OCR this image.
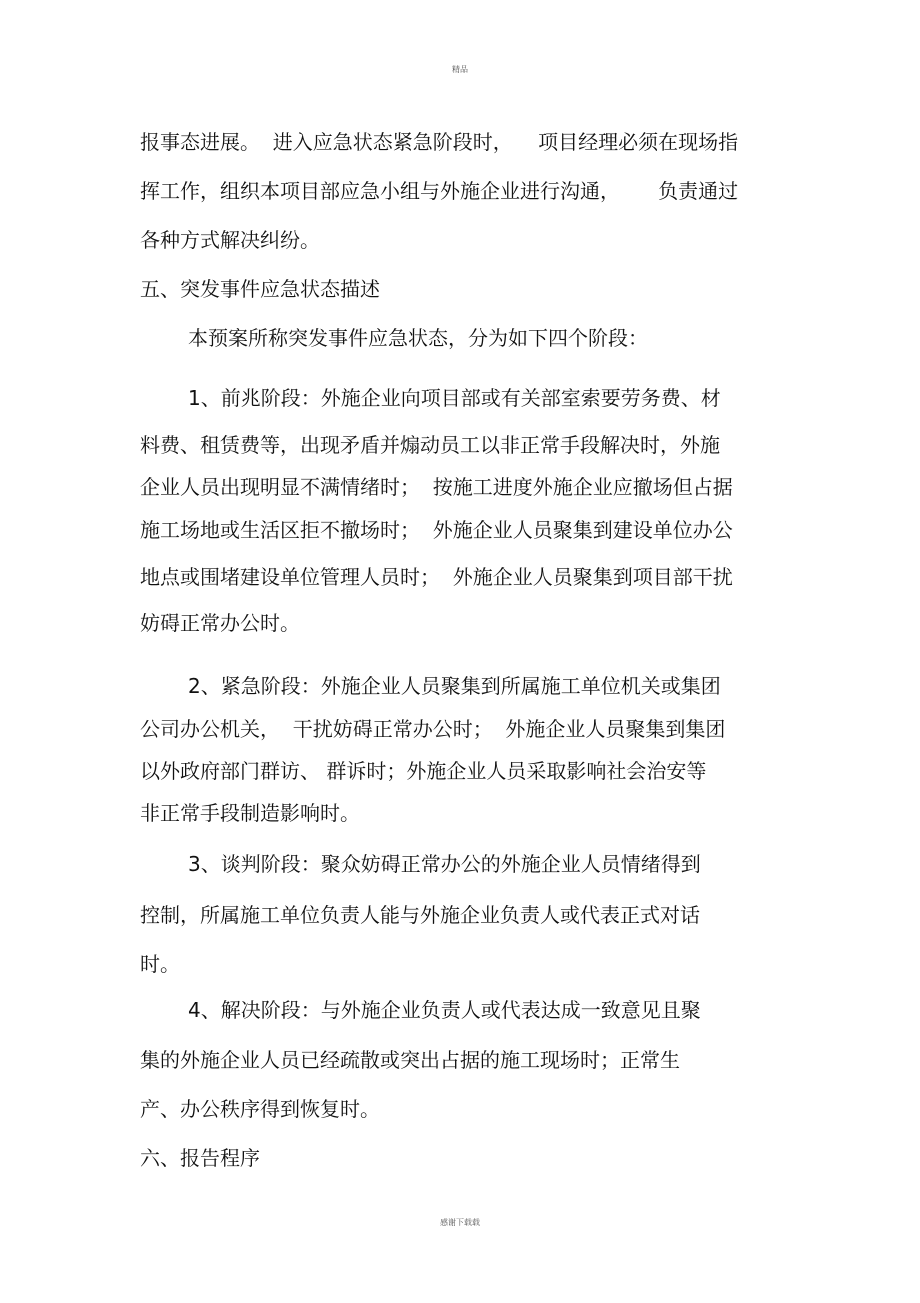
精品
报事态进展。  进入应急状态紧急阶段时，    项目经理必须在现场指
挥工作，组织本项目部应急小组与外施企业进行沟通，      负责通过
各种方式解决纠纷。
五、突发事件应急状态描述
本预案所称突发事件应急状态，分为如下四个阶段：
1、前兆阶段：外施企业向项目部或有关部室索要劳务费、材
料费、租赁费等，出现矛盾并煽动员工以非正常手段解决时，外施
企业人员出现明显不满情绪时；  按施工进度外施企业应撤场但占据
施工场地或生活区拒不撤场时；  外施企业人员聚集到建设单位办公
地点或围堵建设单位管理人员时；  外施企业人员聚集到项目部干扰
妨碍正常办公时。
2、紧急阶段：外施企业人员聚集到所属施工单位机关或集团
公司办公机关，  干扰妨碍正常办公时；  外施企业人员聚集到集团
以外政府部门群访、 群诉时；外施企业人员采取影响社会治安等
非正常手段制造影响时。
3、谈判阶段：聚众妨碍正常办公的外施企业人员情绪得到
控制，所属施工单位负责人能与外施企业负责人或代表正式对话
时。
4、解决阶段：与外施企业负责人或代表达成一致意见且聚
集的外施企业人员已经疏散或突出占据的施工现场时；正常生
产、办公秩序得到恢复时。
六、报告程序
感谢下载载
